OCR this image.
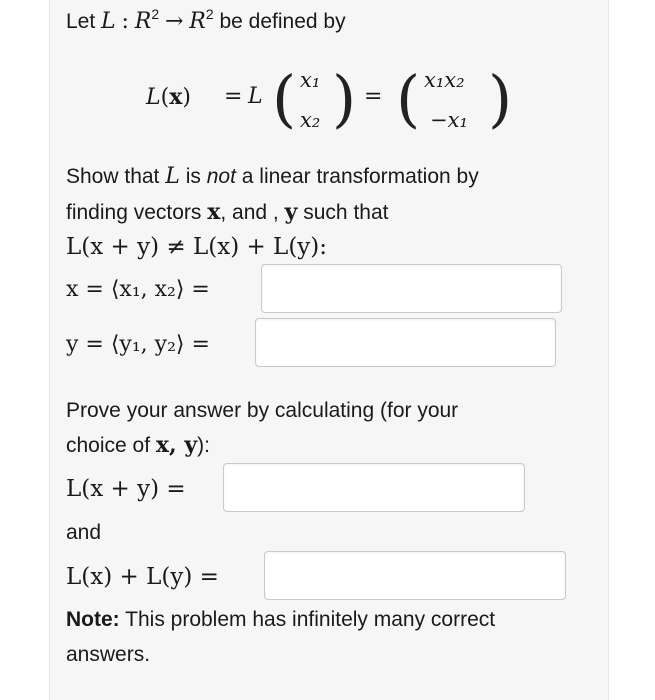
Let L : $R^2 \to R^2$ be defined by
L(x) = L ( x₁
x₂ ) = ( x₁x₂
−x₁ )
Show that L is not a linear transformation by
finding vectors x, and , y such that
L(x + y) ≠ L(x) + L(y):
x = ⟨x₁, x₂⟩ =
y = ⟨y₁, y₂⟩ =
Prove your answer by calculating (for your
choice of x, y):
L(x + y) =
and
L(x) + L(y) =
Note: This problem has infinitely many correct
answers.
